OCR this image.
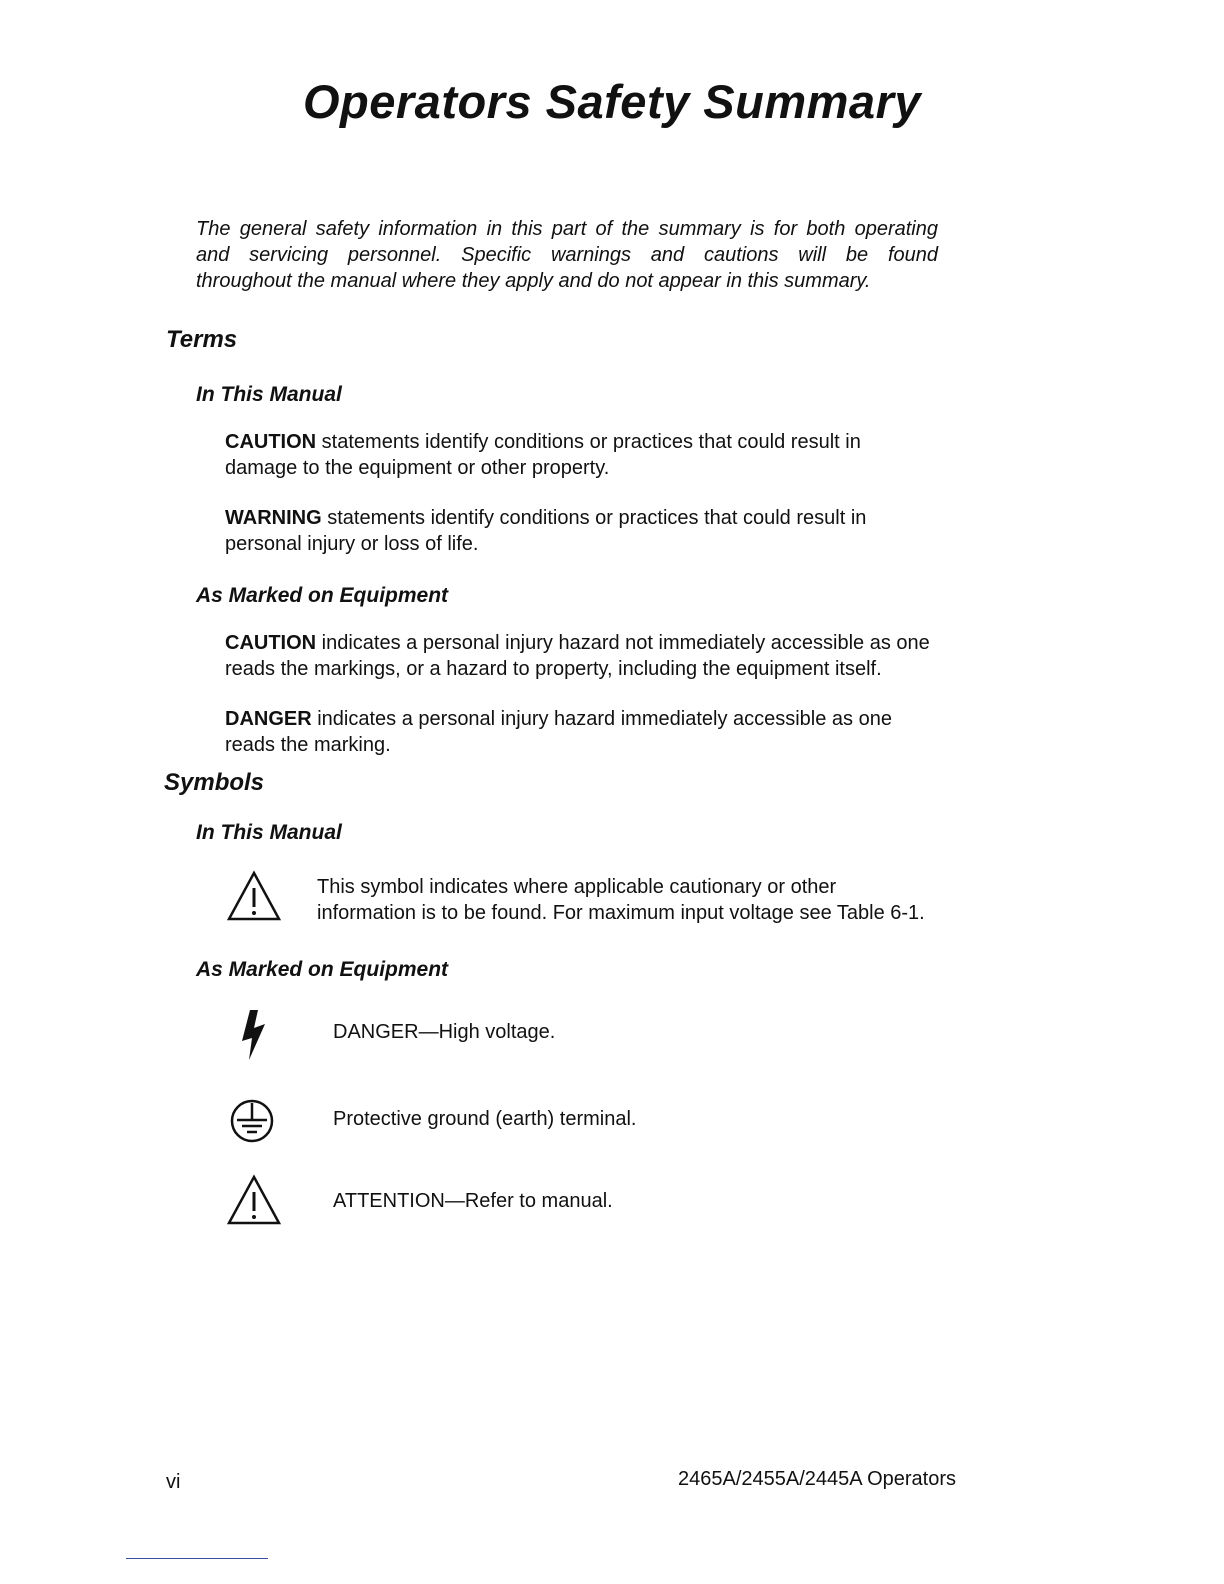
Operators Safety Summary
The general safety information in this part of the summary is for both operating
and servicing personnel. Specific warnings and cautions will be found
throughout the manual where they apply and do not appear in this summary.
Terms
In This Manual
CAUTION statements identify conditions or practices that could result in
damage to the equipment or other property.
WARNING statements identify conditions or practices that could result in
personal injury or loss of life.
As Marked on Equipment
CAUTION indicates a personal injury hazard not immediately accessible as one
reads the markings, or a hazard to property, including the equipment itself.
DANGER indicates a personal injury hazard immediately accessible as one
reads the marking.
Symbols
In This Manual
This symbol indicates where applicable cautionary or other
information is to be found. For maximum input voltage see Table 6-1.
As Marked on Equipment
DANGER—High voltage.
Protective ground (earth) terminal.
ATTENTION—Refer to manual.
vi	2465A/2455A/2445A Operators
